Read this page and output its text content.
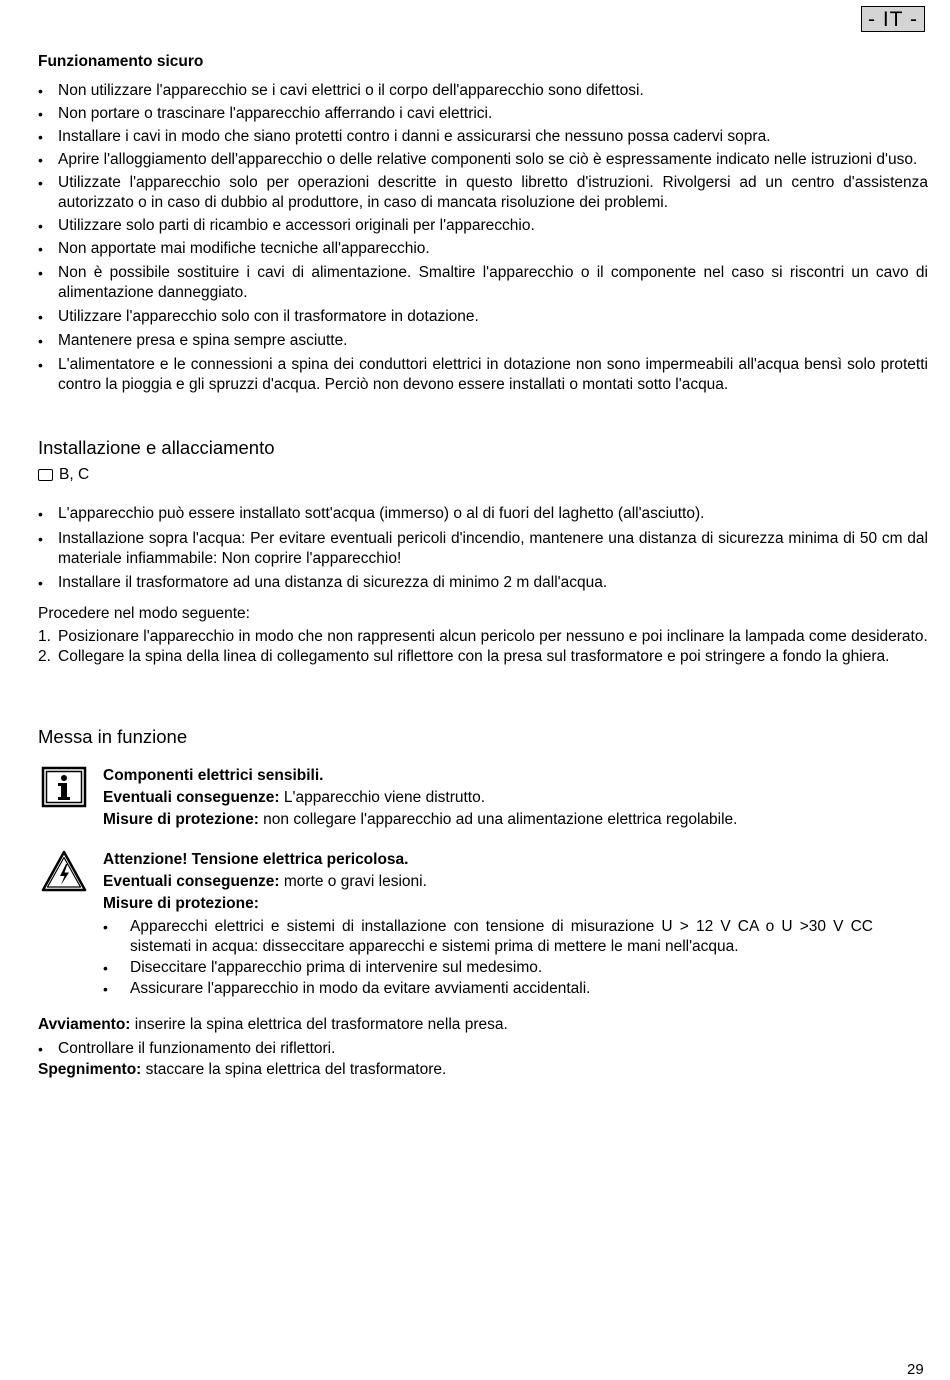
- IT -
Funzionamento sicuro
• Non utilizzare l'apparecchio se i cavi elettrici o il corpo dell'apparecchio sono difettosi.
• Non portare o trascinare l'apparecchio afferrando i cavi elettrici.
• Installare i cavi in modo che siano protetti contro i danni e assicurarsi che nessuno possa cadervi sopra.
• Aprire l'alloggiamento dell'apparecchio o delle relative componenti solo se ciò è espressamente indicato nelle istruzioni d'uso.
• Utilizzate l'apparecchio solo per operazioni descritte in questo libretto d'istruzioni. Rivolgersi ad un centro d'assistenza autorizzato o in caso di dubbio al produttore, in caso di mancata risoluzione dei problemi.
• Utilizzare solo parti di ricambio e accessori originali per l'apparecchio.
• Non apportate mai modifiche tecniche all'apparecchio.
• Non è possibile sostituire i cavi di alimentazione. Smaltire l'apparecchio o il componente nel caso si riscontri un cavo di alimentazione danneggiato.
• Utilizzare l'apparecchio solo con il trasformatore in dotazione.
• Mantenere presa e spina sempre asciutte.
• L'alimentatore e le connessioni a spina dei conduttori elettrici in dotazione non sono impermeabili all'acqua bensì solo protetti contro la pioggia e gli spruzzi d'acqua. Perciò non devono essere installati o montati sotto l'acqua.
Installazione e allacciamento
B, C
• L'apparecchio può essere installato sott'acqua (immerso) o al di fuori del laghetto (all'asciutto).
• Installazione sopra l'acqua: Per evitare eventuali pericoli d'incendio, mantenere una distanza di sicurezza minima di 50 cm dal materiale infiammabile: Non coprire l'apparecchio!
• Installare il trasformatore ad una distanza di sicurezza di minimo 2 m dall'acqua.

Procedere nel modo seguente:

1. Posizionare l'apparecchio in modo che non rappresenti alcun pericolo per nessuno e poi inclinare la lampada come desiderato.
2. Collegare la spina della linea di collegamento sul riflettore con la presa sul trasformatore e poi stringere a fondo la ghiera.
Messa in funzione

Componenti elettrici sensibili.

Eventuali conseguenze: L'apparecchio viene distrutto.

Misure di protezione: non collegare l'apparecchio ad una alimentazione elettrica regolabile.

Attenzione! Tensione elettrica pericolosa.

Eventuali conseguenze: morte o gravi lesioni.

Misure di protezione:

• Apparecchi elettrici e sistemi di installazione con tensione di misurazione U > 12 V CA o U >30 V CC sistemati in acqua: disseccitare apparecchi e sistemi prima di mettere le mani nell'acqua.
• Diseccitare l'apparecchio prima di intervenire sul medesimo.
• Assicurare l'apparecchio in modo da evitare avviamenti accidentali.

Avviamento: inserire la spina elettrica del trasformatore nella presa.

• Controllare il funzionamento dei riflettori.

Spegnimento: staccare la spina elettrica del trasformatore.

29
